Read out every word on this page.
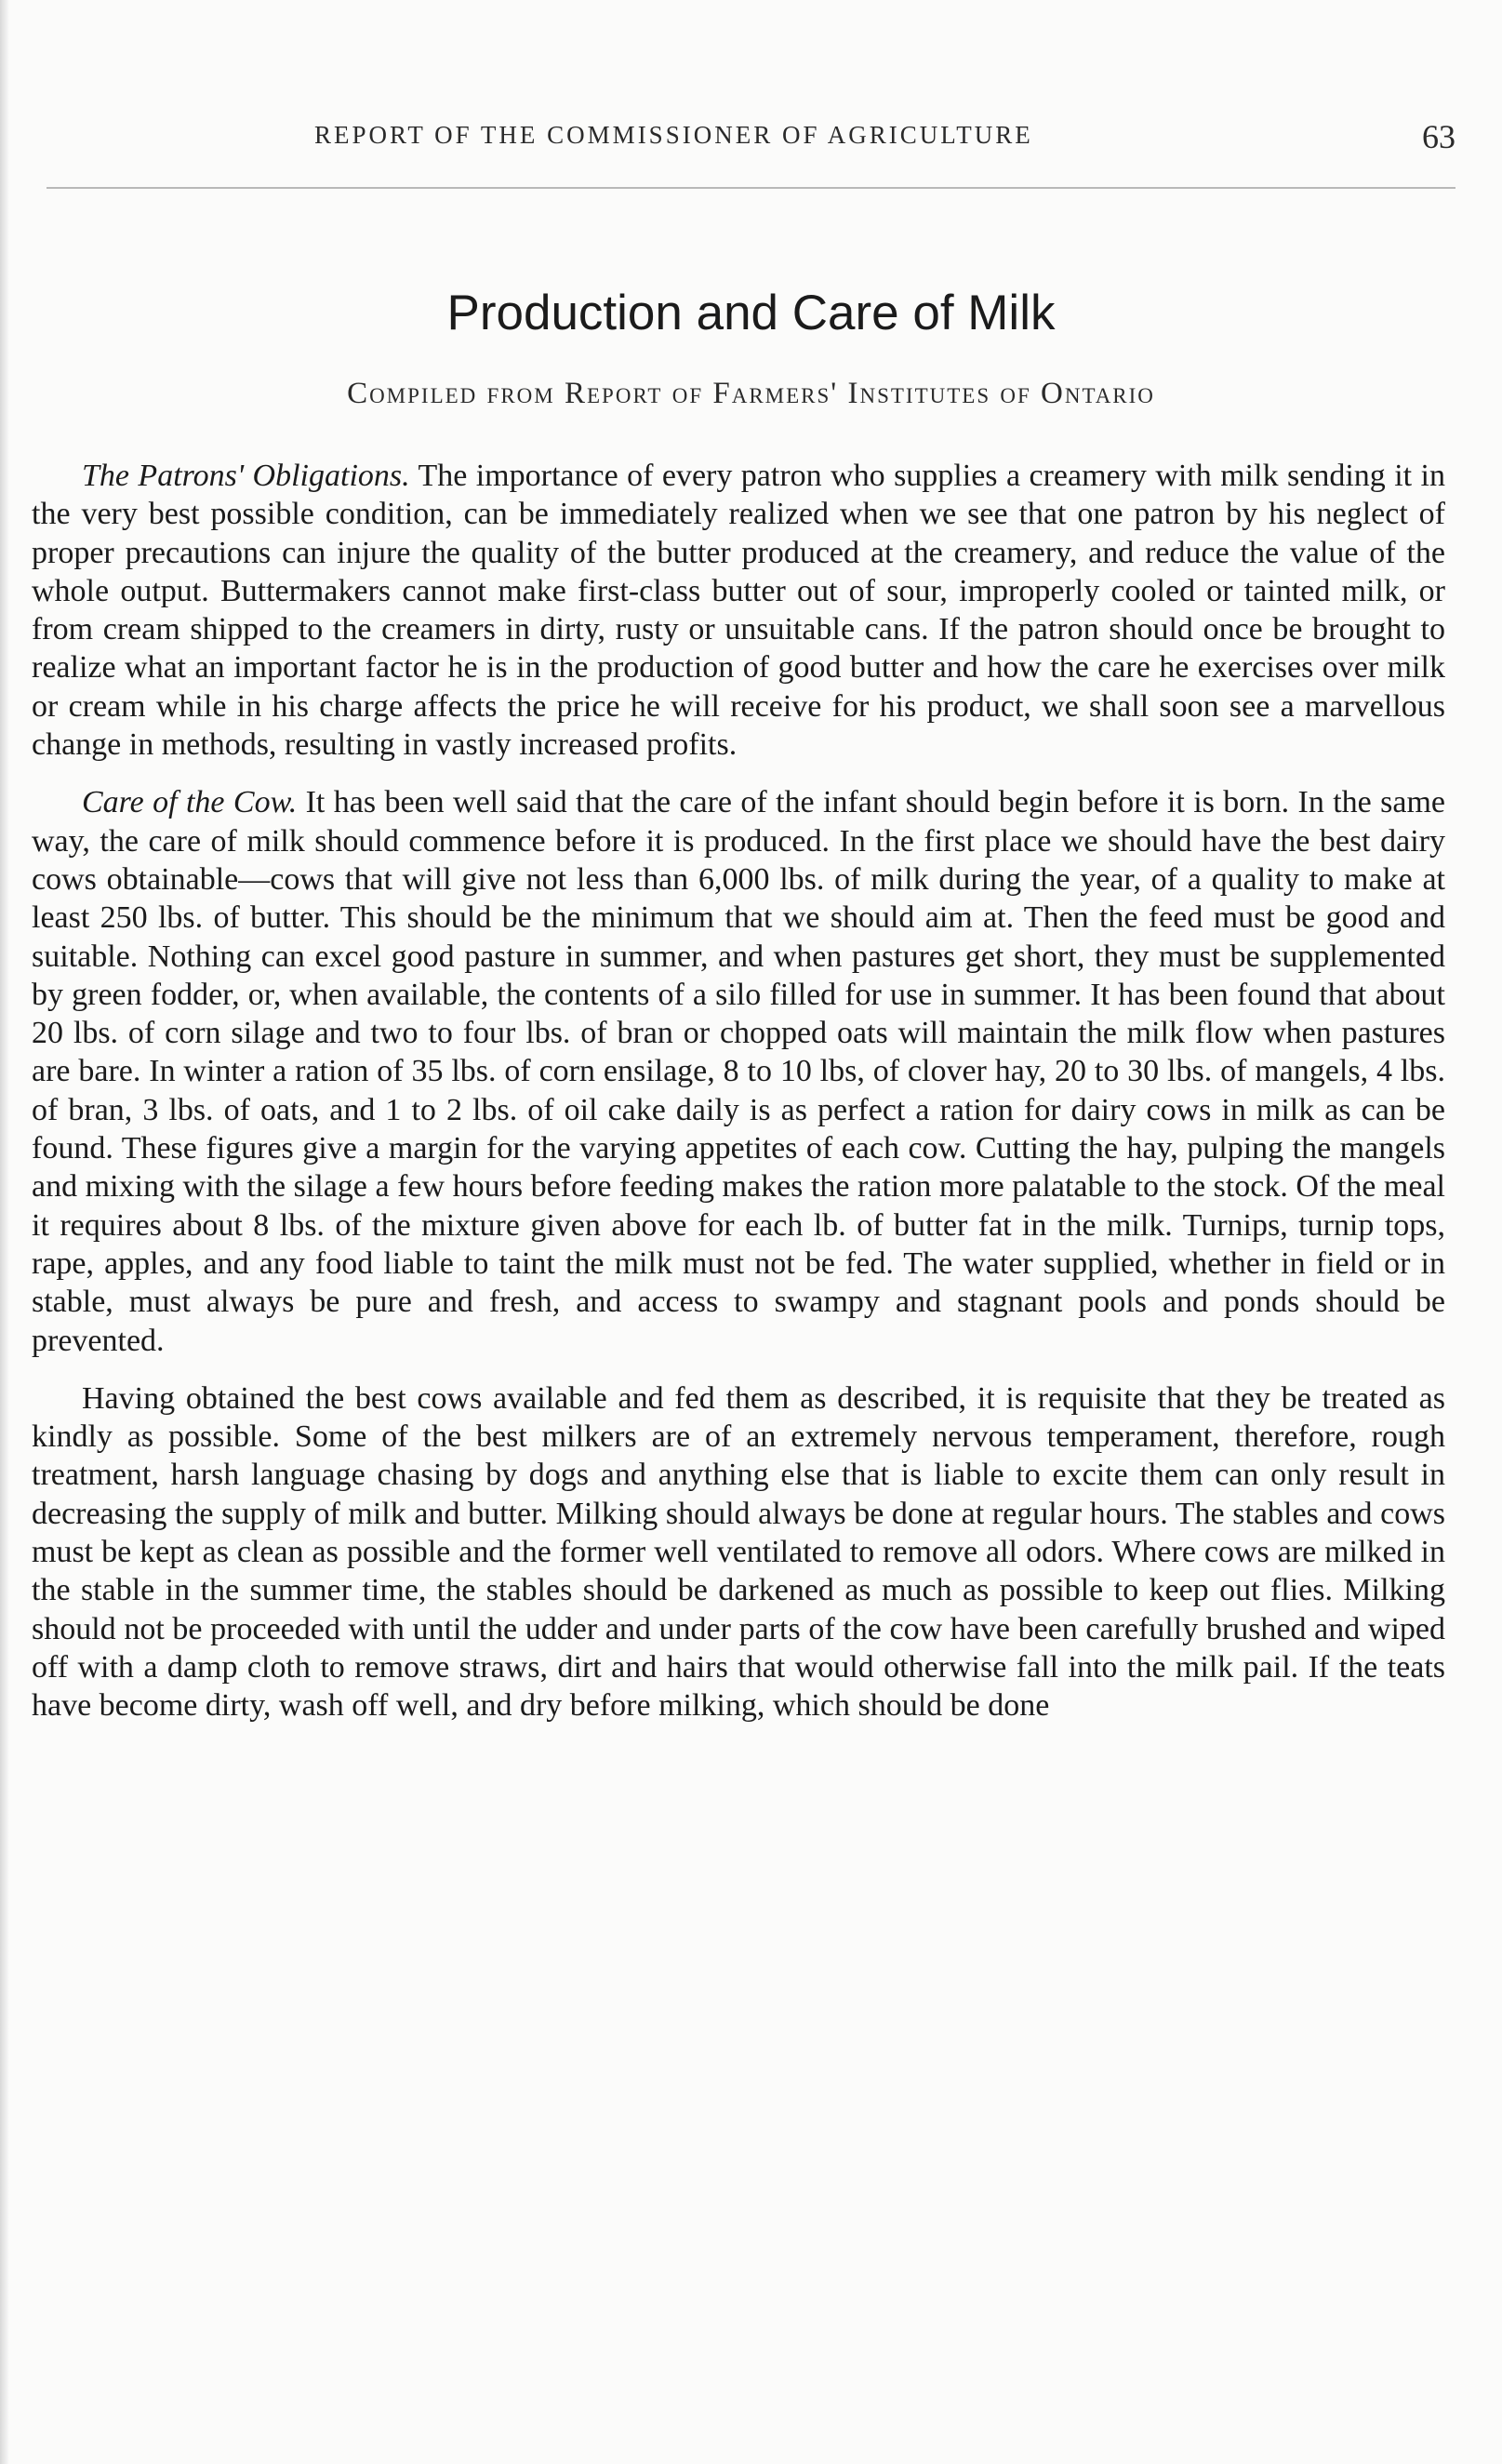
REPORT OF THE COMMISSIONER OF AGRICULTURE	63
Production and Care of Milk
Compiled from Report of Farmers' Institutes of Ontario

The Patrons' Obligations. The importance of every patron who supplies a creamery with milk sending it in the very best possible condition, can be immediately realized when we see that one patron by his neglect of proper precautions can injure the quality of the butter produced at the creamery, and reduce the value of the whole output. Buttermakers cannot make first-class butter out of sour, improperly cooled or tainted milk, or from cream shipped to the creamers in dirty, rusty or unsuitable cans. If the patron should once be brought to realize what an important factor he is in the production of good butter and how the care he exercises over milk or cream while in his charge affects the price he will receive for his product, we shall soon see a marvellous change in methods, resulting in vastly increased profits.

Care of the Cow. It has been well said that the care of the infant should begin before it is born. In the same way, the care of milk should commence before it is produced. In the first place we should have the best dairy cows obtainable—cows that will give not less than 6,000 lbs. of milk during the year, of a quality to make at least 250 lbs. of butter. This should be the minimum that we should aim at. Then the feed must be good and suitable. Nothing can excel good pasture in summer, and when pastures get short, they must be supplemented by green fodder, or, when available, the contents of a silo filled for use in summer. It has been found that about 20 lbs. of corn silage and two to four lbs. of bran or chopped oats will maintain the milk flow when pastures are bare. In winter a ration of 35 lbs. of corn ensilage, 8 to 10 lbs, of clover hay, 20 to 30 lbs. of mangels, 4 lbs. of bran, 3 lbs. of oats, and 1 to 2 lbs. of oil cake daily is as perfect a ration for dairy cows in milk as can be found. These figures give a margin for the varying appetites of each cow. Cutting the hay, pulping the mangels and mixing with the silage a few hours before feeding makes the ration more palatable to the stock. Of the meal it requires about 8 lbs. of the mixture given above for each lb. of butter fat in the milk. Turnips, turnip tops, rape, apples, and any food liable to taint the milk must not be fed. The water supplied, whether in field or in stable, must always be pure and fresh, and access to swampy and stagnant pools and ponds should be prevented.

Having obtained the best cows available and fed them as described, it is requisite that they be treated as kindly as possible. Some of the best milkers are of an extremely nervous temperament, therefore, rough treatment, harsh language chasing by dogs and anything else that is liable to excite them can only result in decreasing the supply of milk and butter. Milking should always be done at regular hours. The stables and cows must be kept as clean as possible and the former well ventilated to remove all odors. Where cows are milked in the stable in the summer time, the stables should be darkened as much as possible to keep out flies. Milking should not be proceeded with until the udder and under parts of the cow have been carefully brushed and wiped off with a damp cloth to remove straws, dirt and hairs that would otherwise fall into the milk pail. If the teats have become dirty, wash off well, and dry before milking, which should be done
